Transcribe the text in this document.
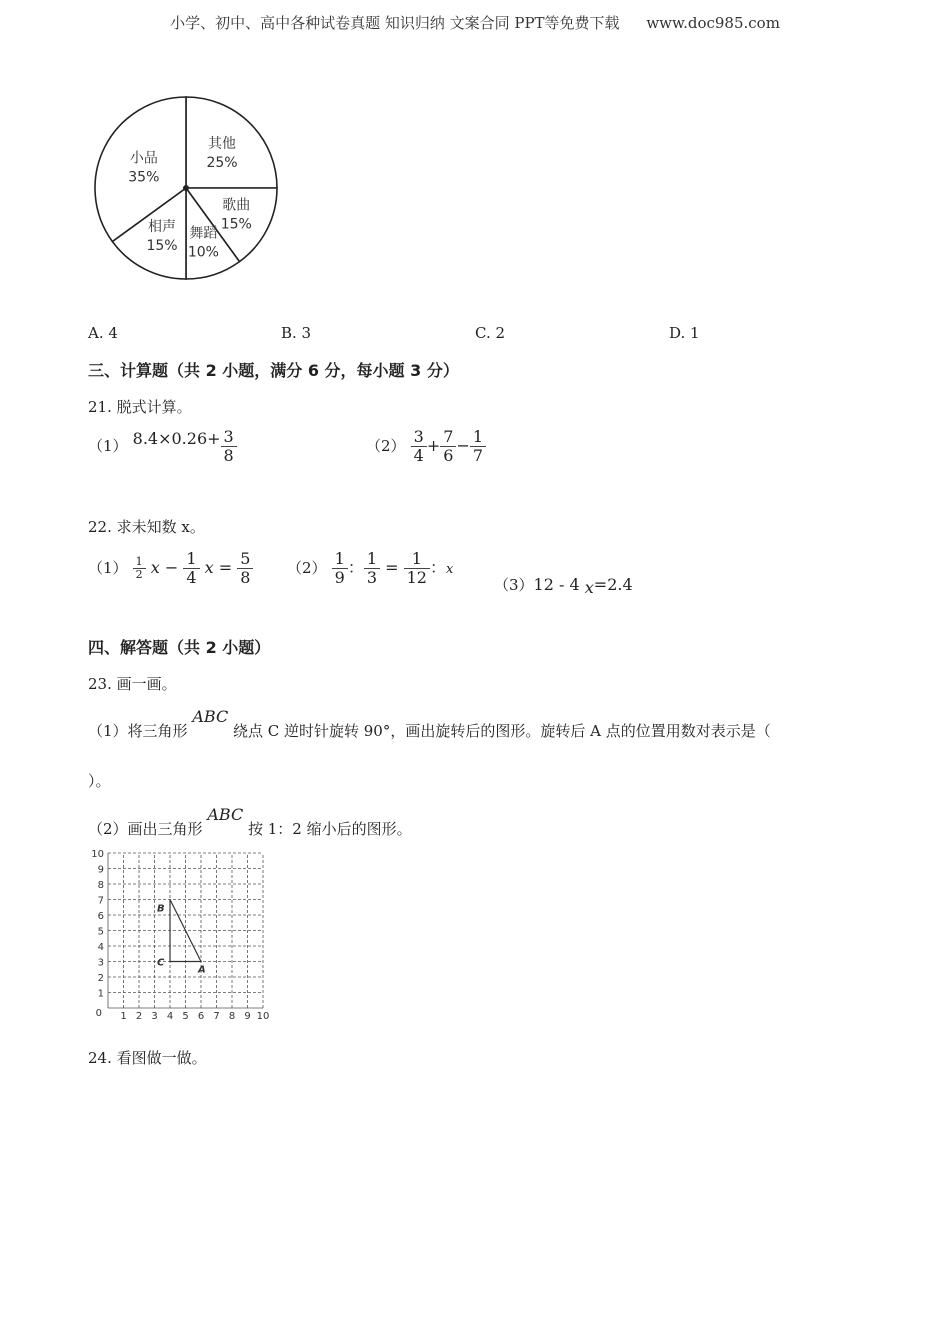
小学、初中、高中各种试卷真题 知识归纳 文案合同 PPT等免费下载 www.doc985.com
其他
25%
歌曲
15%
舞蹈
10%
相声
15%
小品
35%
A. 4	B. 3	C. 2	D. 1
三、计算题（共 2 小题，满分 6 分，每小题 3 分）
21. 脱式计算。
（1） $8.4\times 0.26+ \frac{3}{8}$	$(2) \frac{3}{4} + \frac{7}{6} - \frac{1}{7}$
22. 求未知数 x。
$(1) \frac{1}{2}$ $x - \frac{1}{4}$ $x = \frac{5}{8} (2) \frac{1}{9}$ ： $\frac{1}{3} = \frac{1}{12}$ ：x
（3）12 - 4 x=2.4
四、解答题（共 2 小题）
23. 画一画。
（1）将三角形 ABC 绕点 C 逆时针旋转 90°，画出旋转后的图形。旋转后 A 点的位置用数对表示是（
）。
（2）画出三角形 ABC 按 1：2 缩小后的图形。
1 2 3 4 5 6 7 8 9 10
1
2
3
4
5
6
7
8
9
10
0
A
B
C
24. 看图做一做。
